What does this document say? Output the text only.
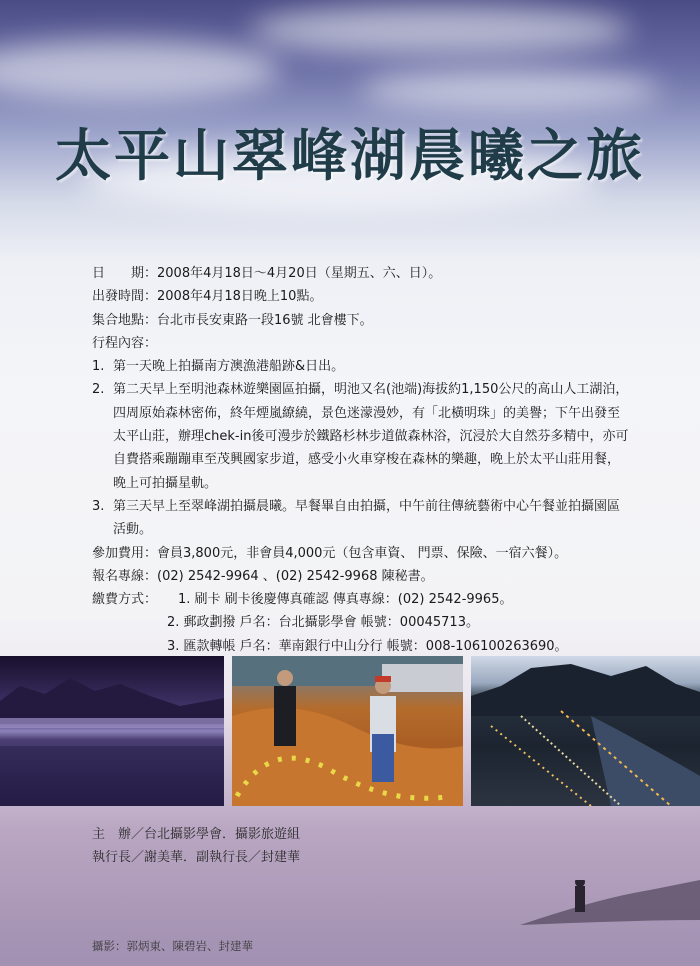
太平山翠峰湖晨曦之旅
日　　期：2008年4月18日～4月20日（星期五、六、日）。
出發時間：2008年4月18日晚上10點。
集合地點：台北市長安東路一段16號 北會樓下。
行程內容：
1. 第一天晚上拍攝南方澳漁港船跡&日出。
2. 第二天早上至明池森林遊樂園區拍攝，明池又名(池端)海拔約1,150公尺的高山人工湖泊，四周原始森林密佈，終年煙嵐繚繞，景色迷濛漫妙，有「北橫明珠」的美譽；下午出發至太平山莊，辦理chek-in後可漫步於鐵路杉林步道做森林浴，沉浸於大自然芬多精中，亦可自費搭乘蹦蹦車至茂興國家步道，感受小火車穿梭在森林的樂趣，晚上於太平山莊用餐，晚上可拍攝星軌。
3. 第三天早上至翠峰湖拍攝晨曦。早餐畢自由拍攝，中午前往傳統藝術中心午餐並拍攝園區活動。
參加費用：會員3,800元，非會員4,000元（包含車資、 門票、保險、一宿六餐）。
報名專線：(02) 2542-9964 、(02) 2542-9968 陳秘書。
繳費方式： 1. 刷卡 刷卡後慶傳真確認 傳真專線：(02) 2542-9965。
2. 郵政劃撥 戶名：台北攝影學會 帳號：00045713。
3. 匯款轉帳 戶名：華南銀行中山分行 帳號：008-106100263690。
主　辦／台北攝影學會．攝影旅遊組
執行長／謝美華．副執行長／封建華
攝影：郭炳東、陳碧岩、封建華
